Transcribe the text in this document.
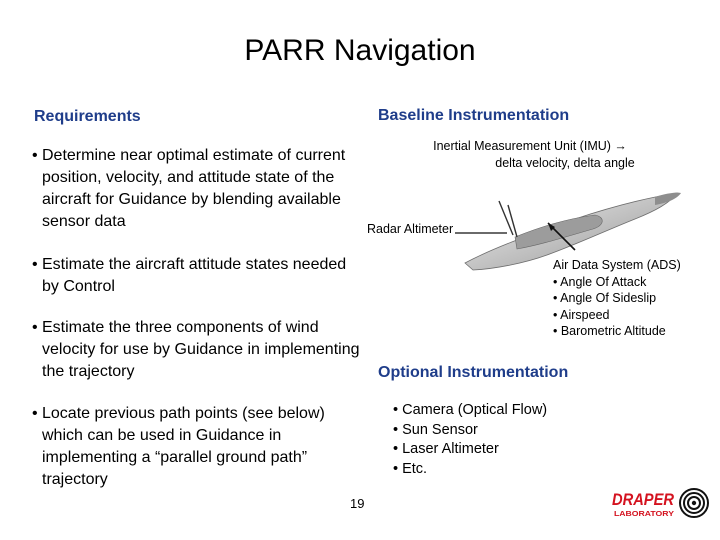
PARR Navigation
Requirements
• Determine near optimal estimate of current position, velocity, and attitude state of the aircraft for Guidance by blending available sensor data
• Estimate the aircraft attitude states needed by Control
• Estimate the three components of wind velocity for use by Guidance in implementing the trajectory
• Locate previous path points (see below) which can be used in Guidance in implementing a “parallel ground path” trajectory
Baseline Instrumentation
Inertial Measurement Unit (IMU) →
delta velocity, delta angle
Radar Altimeter
Air Data System (ADS)
• Angle Of Attack
• Angle Of Sideslip
• Airspeed
• Barometric Altitude
Optional Instrumentation
• Camera (Optical Flow)
• Sun Sensor
• Laser Altimeter
• Etc.
19	DRAPER
LABORATORY
